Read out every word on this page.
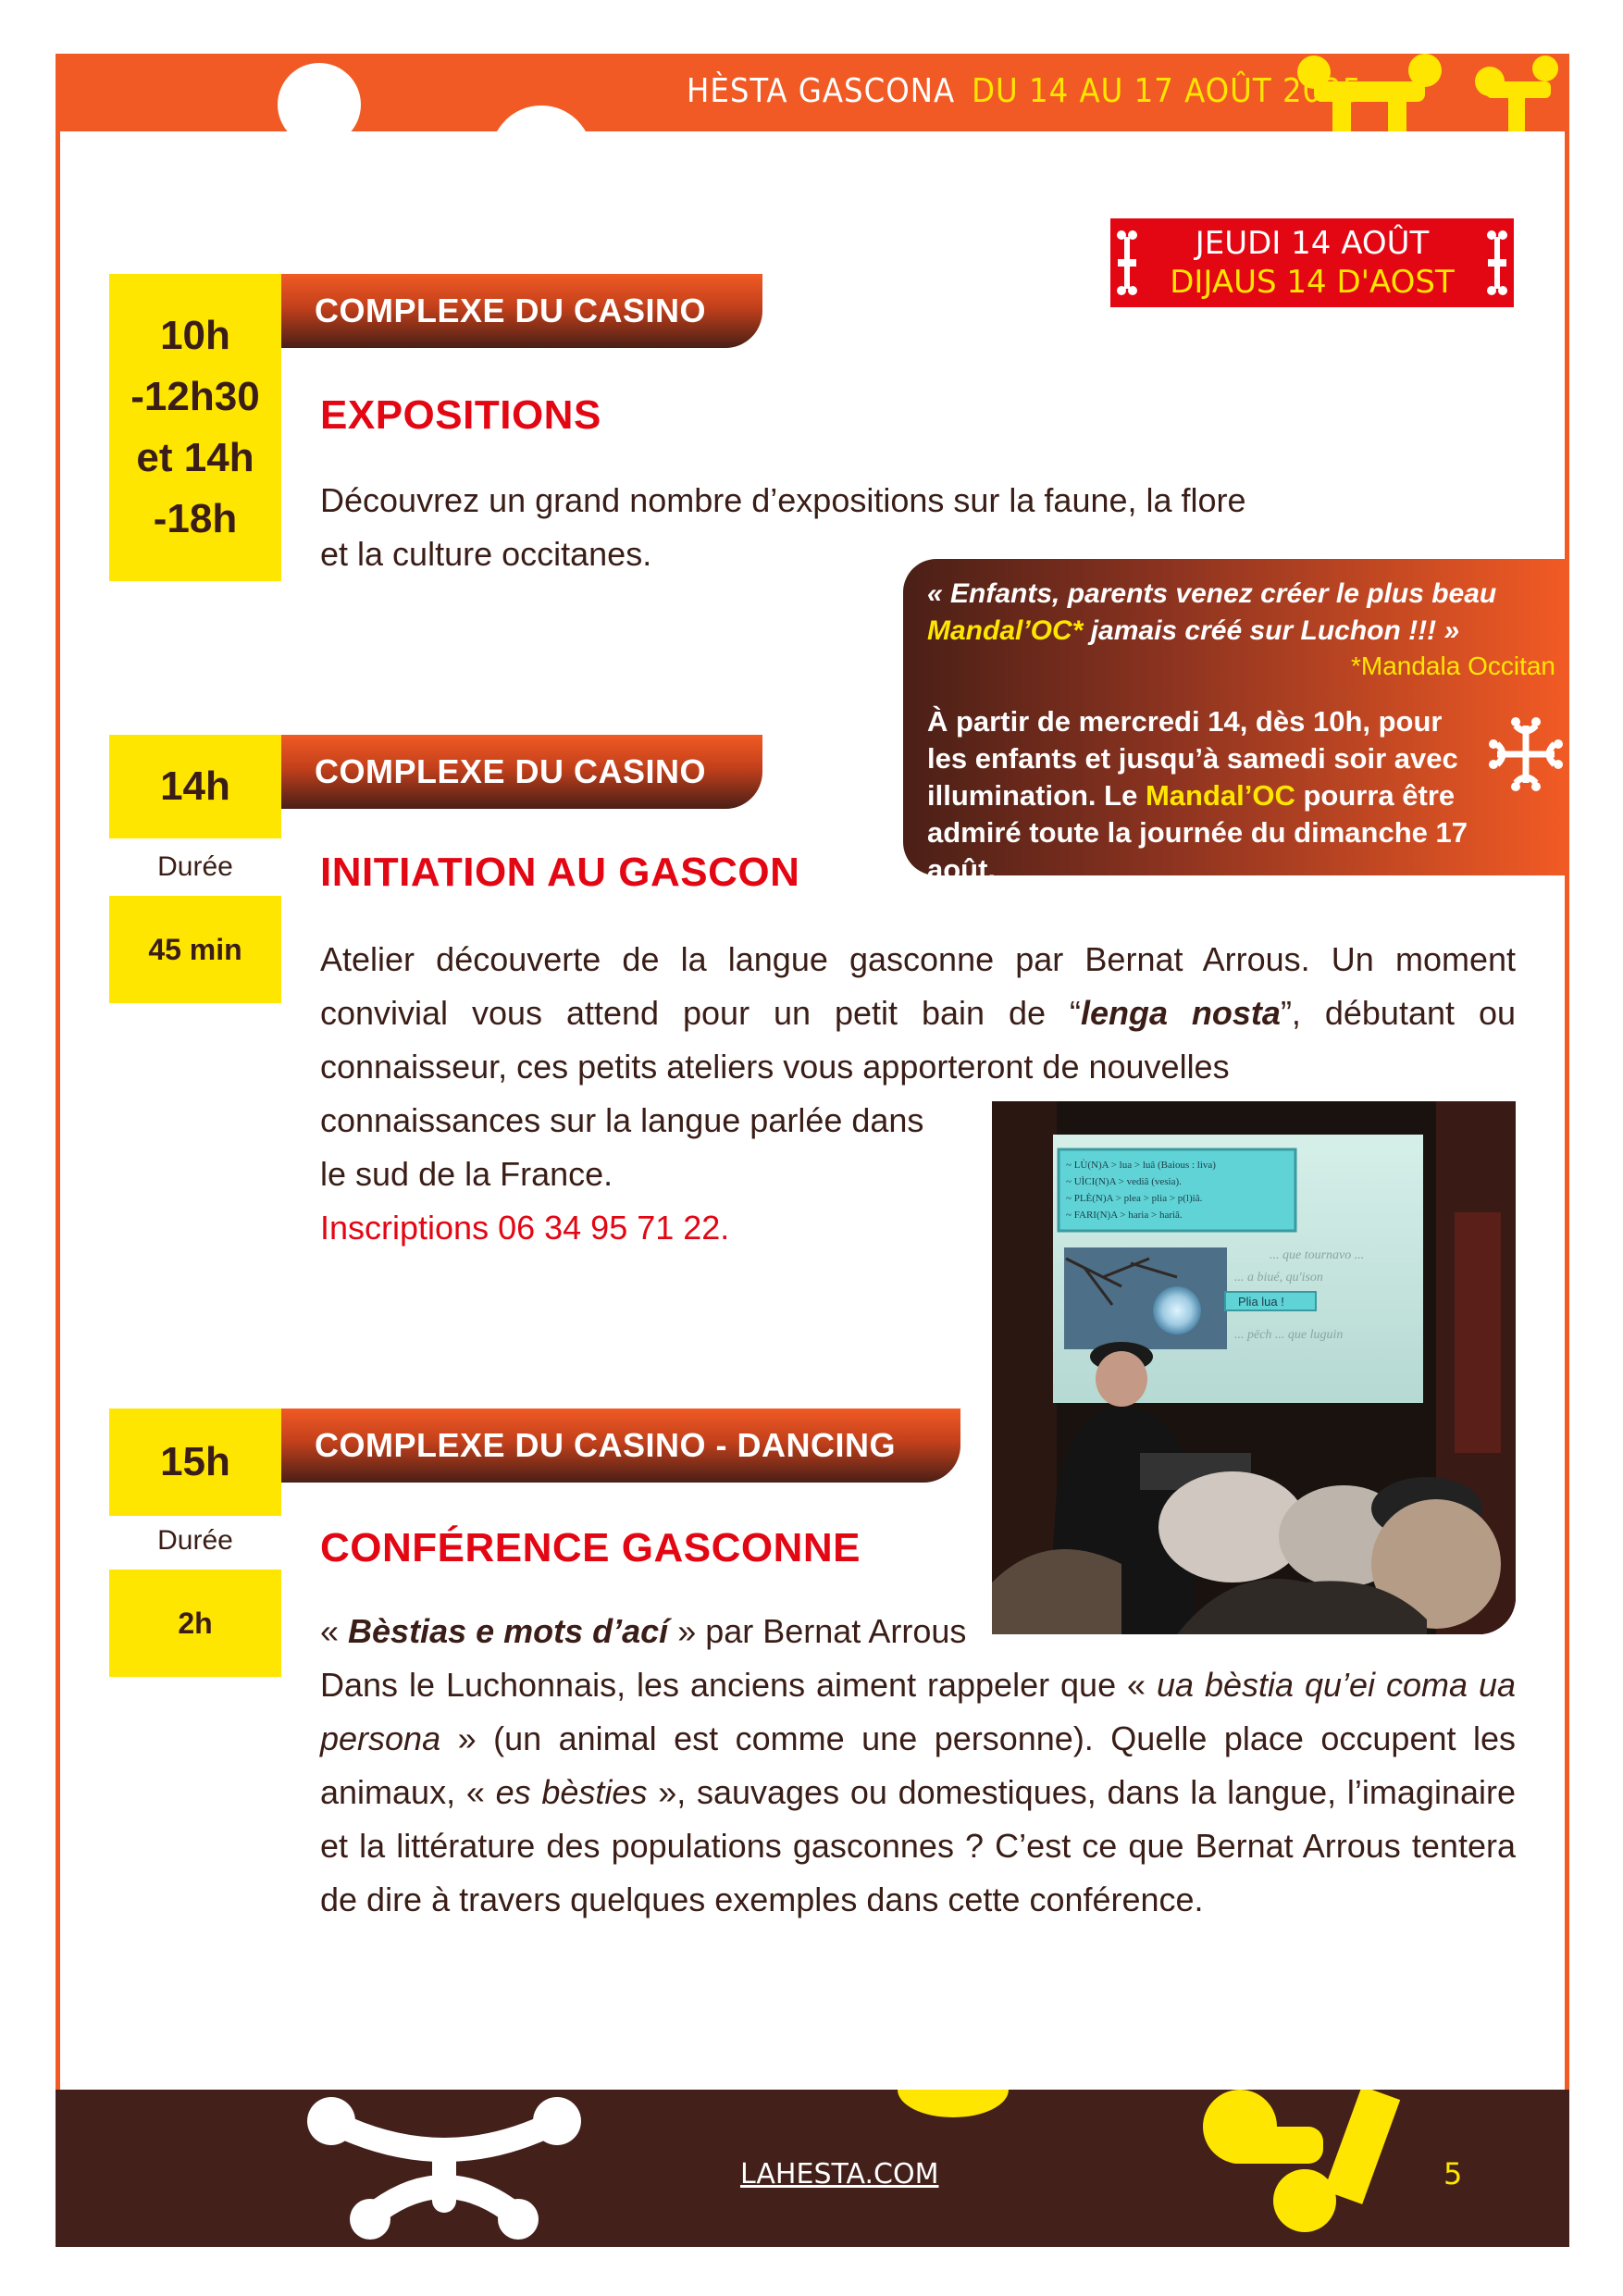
HÈSTA GASCONA DU 14 AU 17 AOÛT 2025
JEUDI 14 AOÛT
DIJAUS 14 D'AOST
10h
-12h30
et 14h
-18h
COMPLEXE DU CASINO
EXPOSITIONS
Découvrez un grand nombre d’expositions sur la faune, la flore
et la culture occitanes.
« Enfants, parents venez créer le plus beau
Mandal’OC* jamais créé sur Luchon !!! »
*Mandala Occitan
À partir de mercredi 14, dès 10h, pour les enfants et jusqu’à samedi soir avec illumination. Le Mandal’OC pourra être admiré toute la journée du dimanche 17 août.
14h
Durée
45 min
COMPLEXE DU CASINO
INITIATION AU GASCON
Atelier découverte de la langue gasconne par Bernat Arrous. Un moment convivial vous attend pour un petit bain de “lenga nosta”, débutant ou connaisseur, ces petits ateliers vous apporteront de nouvelles
connaissances sur la langue parlée dans
le sud de la France.
Inscriptions 06 34 95 71 22.
~ LÙ(N)A > lua > luâ (Baious : liva)
~ UÌCI(N)A > vediâ (vesia).
~ PLÈ(N)A > plea > plia > p(l)iâ.
~ FARI(N)A > haria > hariâ.
Plia lua !
... que tournavo ...
... a biué, qu'ison
... pëch ... que luguin
15h
Durée
2h
COMPLEXE DU CASINO - DANCING
CONFÉRENCE GASCONNE
« Bèstias e mots d’ací » par Bernat Arrous
Dans le Luchonnais, les anciens aiment rappeler que « ua bèstia qu’ei coma ua persona » (un animal est comme une personne). Quelle place occupent les animaux, « es bèsties », sauvages ou domestiques, dans la langue, l’imaginaire et la littérature des populations gasconnes ? C’est ce que Bernat Arrous tentera de dire à travers quelques exemples dans cette conférence.
LAHESTA.COM	5
